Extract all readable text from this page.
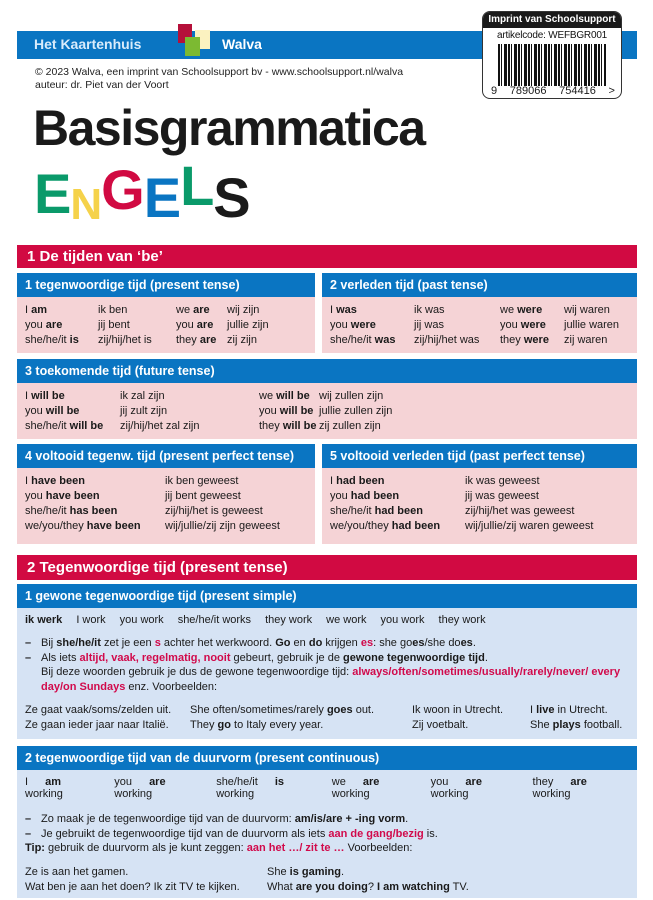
Het Kaartenhuis	Walva
© 2023 Walva, een imprint van Schoolsupport bv - www.schoolsupport.nl/walva
auteur: dr. Piet van der Voort
Imprint van Schoolsupport
artikelcode: WEFBGR001
9 789066 754416 >
Basisgrammatica
ENGELS
1 De tijden van ‘be’
1 tegenwoordige tijd (present tense)
I am	ik ben	we are	wij zijn
you are	jij bent	you are	jullie zijn
she/he/it is	zij/hij/het is	they are zij zijn
2 verleden tijd (past tense)
I was	ik was	we were	wij waren
you were	jij was	you were	jullie waren
she/he/it was	zij/hij/het was	they were	zij waren
3 toekomende tijd (future tense)
I will be	ik zal zijn	we will be wij zullen zijn
you will be	jij zult zijn	you will be jullie zullen zijn
she/he/it will be	zij/hij/het zal zijn	they will be zij zullen zijn
4 voltooid tegenw. tijd (present perfect tense)
I have been	ik ben geweest
you have been	jij bent geweest
she/he/it has been	zij/hij/het is geweest
we/you/they have been	wij/jullie/zij zijn geweest
5 voltooid verleden tijd (past perfect tense)
I had been	ik was geweest
you had been	jij was geweest
she/he/it had been	zij/hij/het was geweest
we/you/they had been	wij/jullie/zij waren geweest
2 Tegenwoordige tijd (present tense)
1 gewone tegenwoordige tijd (present simple)
ik werk I work you work she/he/it works they work we work you work they work
– Bij she/he/it zet je een s achter het werkwoord. Go en do krijgen es: she goes/she does.
– Als iets altijd, vaak, regelmatig, nooit gebeurt, gebruik je de gewone tegenwoordige tijd.
Bij deze woorden gebruik je dus de gewone tegenwoordige tijd: always/often/sometimes/usually/rarely/never/ every day/on Sundays enz. Voorbeelden:
Ze gaat vaak/soms/zelden uit.	She often/sometimes/rarely goes out.	Ik woon in Utrecht.	I live in Utrecht.
Ze gaan ieder jaar naar Italië.	They go to Italy every year.	Zij voetbalt.	She plays football.
2 tegenwoordige tijd van de duurvorm (present continuous)
I am working
you are working
she/he/it is working
we are working
you are working
they are working
– Zo maak je de tegenwoordige tijd van de duurvorm: am/is/are + -ing vorm.
– Je gebruikt de tegenwoordige tijd van de duurvorm als iets aan de gang/bezig is.
Tip: gebruik de duurvorm als je kunt zeggen: aan het …/ zit te … Voorbeelden:
Ze is aan het gamen.	She is gaming.
Wat ben je aan het doen? Ik zit TV te kijken.	What are you doing? I am watching TV.
